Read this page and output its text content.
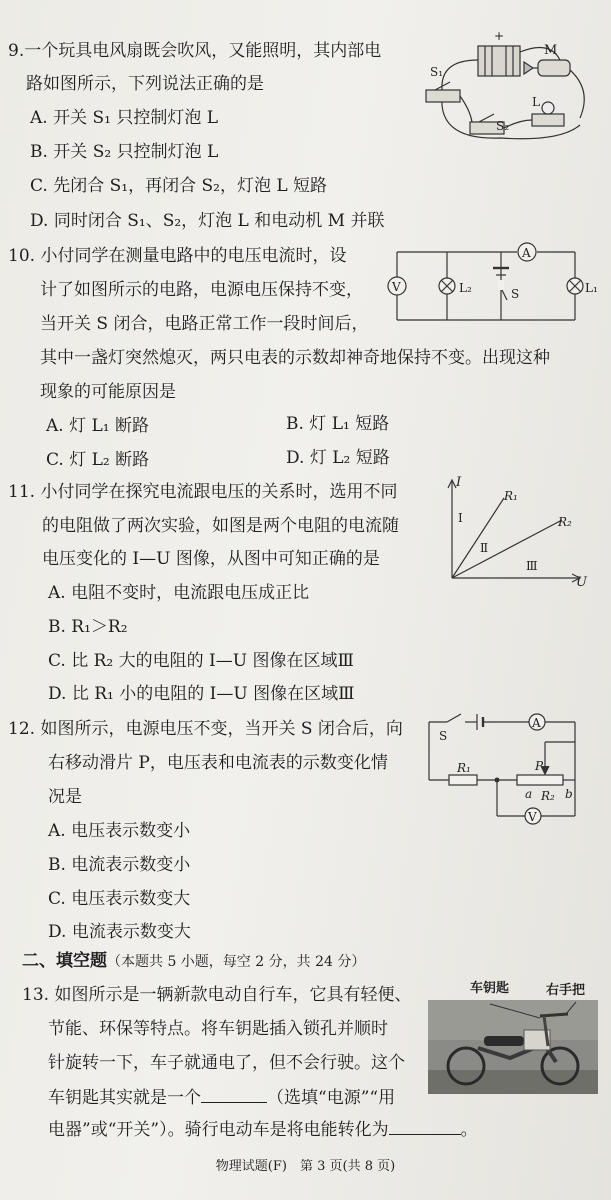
9.一个玩具电风扇既会吹风，又能照明，其内部电
路如图所示，下列说法正确的是
A. 开关 S₁ 只控制灯泡 L
B. 开关 S₂ 只控制灯泡 L
C. 先闭合 S₁，再闭合 S₂，灯泡 L 短路
D. 同时闭合 S₁、S₂，灯泡 L 和电动机 M 并联
+
M
S₁
S₂
L
10. 小付同学在测量电路中的电压电流时，设
计了如图所示的电路，电源电压保持不变，
当开关 S 闭合，电路正常工作一段时间后，
其中一盏灯突然熄灭，两只电表的示数却神奇地保持不变。出现这种
现象的可能原因是
A. 灯 L₁ 断路	B. 灯 L₁ 短路
C. 灯 L₂ 断路	D. 灯 L₂ 短路
A
V	L₂	S	L₁
11. 小付同学在探究电流跟电压的关系时，选用不同
的电阻做了两次实验，如图是两个电阻的电流随
电压变化的 I—U 图像，从图中可知正确的是
A. 电阻不变时，电流跟电压成正比
B. R₁＞R₂
C. 比 R₂ 大的电阻的 I—U 图像在区域Ⅲ
D. 比 R₁ 小的电阻的 I—U 图像在区域Ⅲ
I
U
R₁
R₂
Ⅰ
Ⅱ
Ⅲ
12. 如图所示，电源电压不变，当开关 S 闭合后，向
右移动滑片 P，电压表和电流表的示数变化情
况是
A. 电压表示数变小
B. 电流表示数变小
C. 电压表示数变大
D. 电流表示数变大
S
A
R₁	P
a R₂ b
V
二、填空题（本题共 5 小题，每空 2 分，共 24 分）
13. 如图所示是一辆新款电动自行车，它具有轻便、
节能、环保等特点。将车钥匙插入锁孔并顺时
针旋转一下，车子就通电了，但不会行驶。这个
车钥匙其实就是一个	（选填“电源”“用
电器”或“开关”）。骑行电动车是将电能转化为	。
车钥匙	右手把
物理试题(F)　第 3 页(共 8 页)
